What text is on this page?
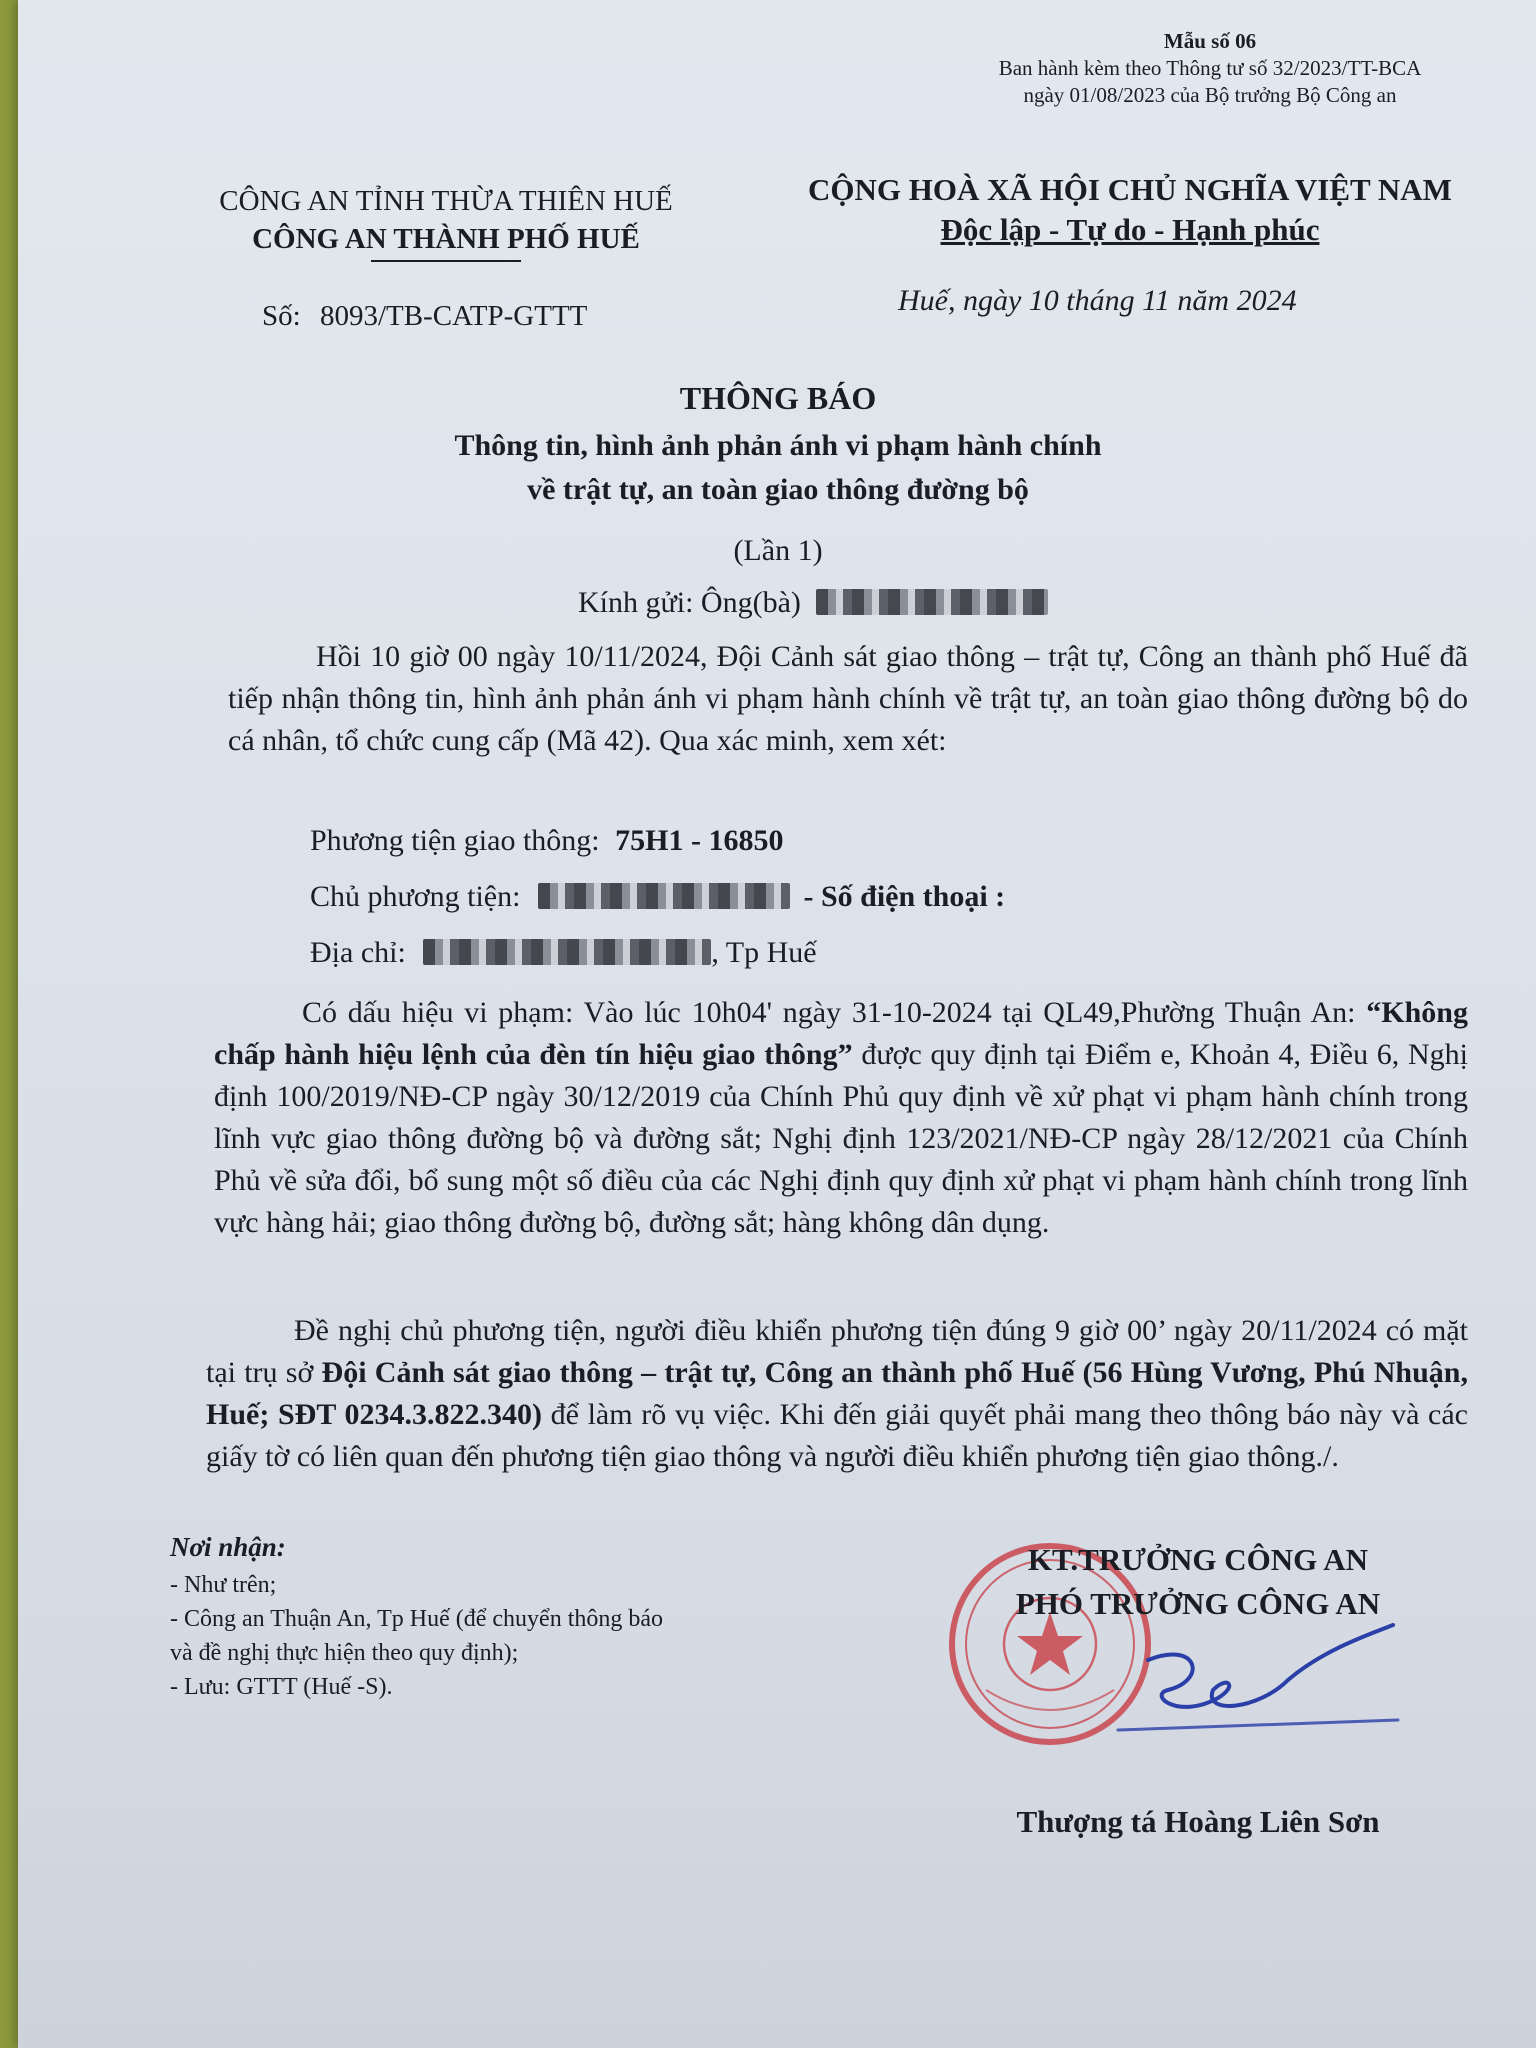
Mẫu số 06
Ban hành kèm theo Thông tư số 32/2023/TT-BCA
ngày 01/08/2023 của Bộ trưởng Bộ Công an
CÔNG AN TỈNH THỪA THIÊN HUẾ
CÔNG AN THÀNH PHỐ HUẾ
CỘNG HOÀ XÃ HỘI CHỦ NGHĨA VIỆT NAM
Độc lập - Tự do - Hạnh phúc
Số: 8093/TB-CATP-GTTT	Huế, ngày 10 tháng 11 năm 2024
THÔNG BÁO
Thông tin, hình ảnh phản ánh vi phạm hành chính
về trật tự, an toàn giao thông đường bộ
(Lần 1)
Kính gửi: Ông(bà)
Hồi 10 giờ 00 ngày 10/11/2024, Đội Cảnh sát giao thông – trật tự, Công an thành phố Huế đã tiếp nhận thông tin, hình ảnh phản ánh vi phạm hành chính về trật tự, an toàn giao thông đường bộ do cá nhân, tổ chức cung cấp (Mã 42). Qua xác minh, xem xét:
Phương tiện giao thông: 75H1 - 16850
Chủ phương tiện:	- Số điện thoại :
Địa chỉ:	, Tp Huế
Có dấu hiệu vi phạm: Vào lúc 10h04' ngày 31-10-2024 tại QL49,Phường Thuận An: “Không chấp hành hiệu lệnh của đèn tín hiệu giao thông” được quy định tại Điểm e, Khoản 4, Điều 6, Nghị định 100/2019/NĐ-CP ngày 30/12/2019 của Chính Phủ quy định về xử phạt vi phạm hành chính trong lĩnh vực giao thông đường bộ và đường sắt; Nghị định 123/2021/NĐ-CP ngày 28/12/2021 của Chính Phủ về sửa đổi, bổ sung một số điều của các Nghị định quy định xử phạt vi phạm hành chính trong lĩnh vực hàng hải; giao thông đường bộ, đường sắt; hàng không dân dụng.
Đề nghị chủ phương tiện, người điều khiển phương tiện đúng 9 giờ 00’ ngày 20/11/2024 có mặt tại trụ sở Đội Cảnh sát giao thông – trật tự, Công an thành phố Huế (56 Hùng Vương, Phú Nhuận, Huế; SĐT 0234.3.822.340) để làm rõ vụ việc. Khi đến giải quyết phải mang theo thông báo này và các giấy tờ có liên quan đến phương tiện giao thông và người điều khiển phương tiện giao thông./.
Nơi nhận:
- Như trên;
- Công an Thuận An, Tp Huế (để chuyển thông báo
và đề nghị thực hiện theo quy định);
- Lưu: GTTT (Huế -S).
KT.TRƯỞNG CÔNG AN
PHÓ TRƯỞNG CÔNG AN
Thượng tá Hoàng Liên Sơn
